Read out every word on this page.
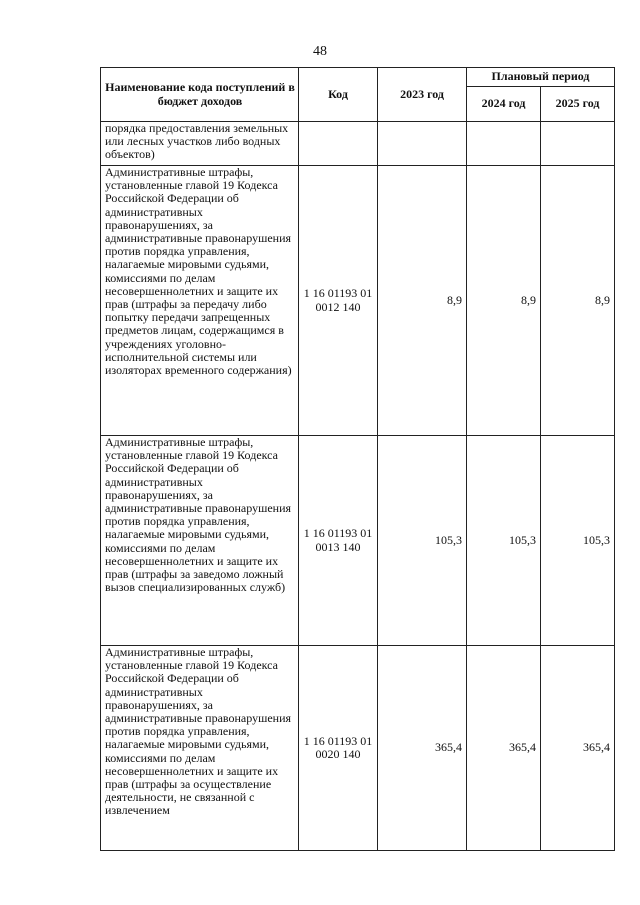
48
Наименование кода поступлений в бюджет доходов	Код	2023 год	Плановый период	
			2024 год	2025 год
порядка предоставления земельных или лесных участков либо водных объектов)				
Административные штрафы, установленные главой 19 Кодекса Российской Федерации об административных правонарушениях, за административные правонарушения против порядка управления, налагаемые мировыми судьями, комиссиями по делам несовершеннолетних и защите их прав (штрафы за передачу либо попытку передачи запрещенных предметов лицам, содержащимся в учреждениях уголовно-исполнительной системы или изоляторах временного содержания)	1 16 01193 01 0012 140	8,9	8,9	8,9
Административные штрафы, установленные главой 19 Кодекса Российской Федерации об административных правонарушениях, за административные правонарушения против порядка управления, налагаемые мировыми судьями, комиссиями по делам несовершеннолетних и защите их прав (штрафы за заведомо ложный вызов специализированных служб)	1 16 01193 01 0013 140	105,3	105,3	105,3
Административные штрафы, установленные главой 19 Кодекса Российской Федерации об административных правонарушениях, за административные правонарушения против порядка управления, налагаемые мировыми судьями, комиссиями по делам несовершеннолетних и защите их прав (штрафы за осуществление деятельности, не связанной с извлечением	1 16 01193 01 0020 140	365,4	365,4	365,4
